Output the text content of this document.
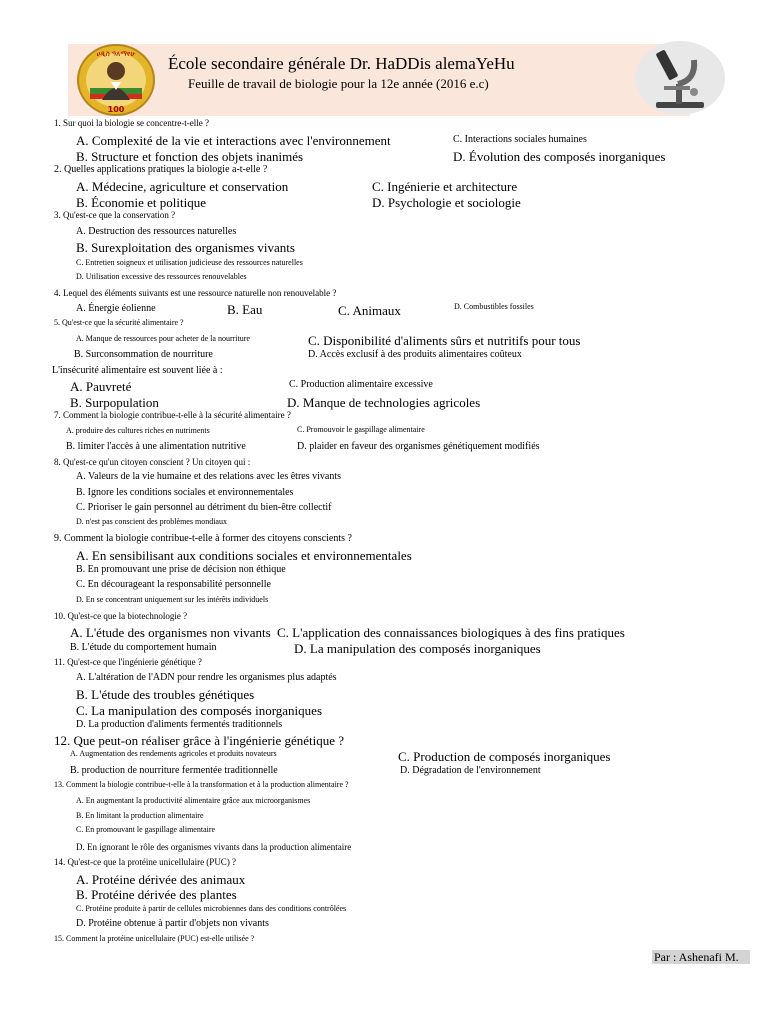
ሀዲስ ዓለማየሁ
100
École secondaire générale Dr. HaDDis alemaYeHu
Feuille de travail de biologie pour la 12e année (2016 e.c)
1. Sur quoi la biologie se concentre-t-elle ?
A. Complexité de la vie et interactions avec l'environnement	C. Interactions sociales humaines
B. Structure et fonction des objets inanimés	D. Évolution des composés inorganiques
2. Quelles applications pratiques la biologie a-t-elle ?
A. Médecine, agriculture et conservation	C. Ingénierie et architecture
B. Économie et politique	D. Psychologie et sociologie
3. Qu'est-ce que la conservation ?
A. Destruction des ressources naturelles
B. Surexploitation des organismes vivants
C. Entretien soigneux et utilisation judicieuse des ressources naturelles
D. Utilisation excessive des ressources renouvelables
4. Lequel des éléments suivants est une ressource naturelle non renouvelable ?
A. Énergie éolienne	B. Eau	C. Animaux	D. Combustibles fossiles
5. Qu'est-ce que la sécurité alimentaire ?
A. Manque de ressources pour acheter de la nourriture	C. Disponibilité d'aliments sûrs et nutritifs pour tous
B. Surconsommation de nourriture	D. Accès exclusif à des produits alimentaires coûteux
L'insécurité alimentaire est souvent liée à :
A. Pauvreté	C. Production alimentaire excessive
B. Surpopulation	D. Manque de technologies agricoles
7. Comment la biologie contribue-t-elle à la sécurité alimentaire ?
A. produire des cultures riches en nutriments	C. Promouvoir le gaspillage alimentaire
B. limiter l'accès à une alimentation nutritive	D. plaider en faveur des organismes génétiquement modifiés
8. Qu'est-ce qu'un citoyen conscient ? Un citoyen qui :
A. Valeurs de la vie humaine et des relations avec les êtres vivants
B. Ignore les conditions sociales et environnementales
C. Prioriser le gain personnel au détriment du bien-être collectif
D. n'est pas conscient des problèmes mondiaux
9. Comment la biologie contribue-t-elle à former des citoyens conscients ?
A. En sensibilisant aux conditions sociales et environnementales
B. En promouvant une prise de décision non éthique
C. En décourageant la responsabilité personnelle
D. En se concentrant uniquement sur les intérêts individuels
10. Qu'est-ce que la biotechnologie ?
A. L'étude des organismes non vivants C. L'application des connaissances biologiques à des fins pratiques
B. L'étude du comportement humain	D. La manipulation des composés inorganiques
11. Qu'est-ce que l'ingénierie génétique ?
A. L'altération de l'ADN pour rendre les organismes plus adaptés
B. L'étude des troubles génétiques
C. La manipulation des composés inorganiques
D. La production d'aliments fermentés traditionnels
12. Que peut-on réaliser grâce à l'ingénierie génétique ?
A. Augmentation des rendements agricoles et produits novateurs	C. Production de composés inorganiques
B. production de nourriture fermentée traditionnelle	D. Dégradation de l'environnement
13. Comment la biologie contribue-t-elle à la transformation et à la production alimentaire ?
A. En augmentant la productivité alimentaire grâce aux microorganismes
B. En limitant la production alimentaire
C. En promouvant le gaspillage alimentaire
D. En ignorant le rôle des organismes vivants dans la production alimentaire
14. Qu'est-ce que la protéine unicellulaire (PUC) ?
A. Protéine dérivée des animaux
B. Protéine dérivée des plantes
C. Protéine produite à partir de cellules microbiennes dans des conditions contrôlées
D. Protéine obtenue à partir d'objets non vivants
15. Comment la protéine unicellulaire (PUC) est-elle utilisée ?
Par : Ashenafi M.
